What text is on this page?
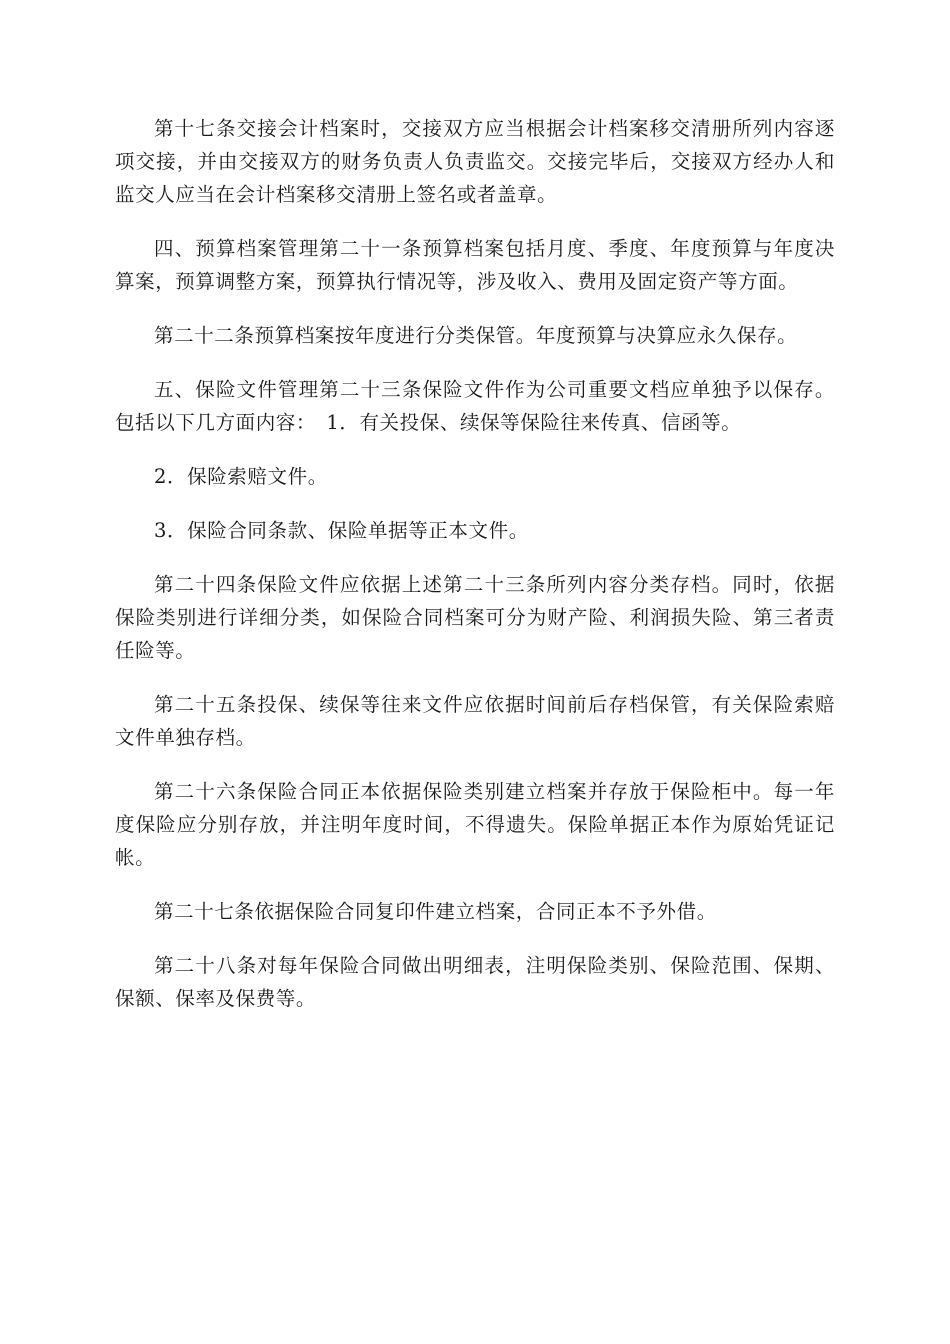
第十七条交接会计档案时，交接双方应当根据会计档案移交清册所列内容逐项交接，并由交接双方的财务负责人负责监交。交接完毕后，交接双方经办人和监交人应当在会计档案移交清册上签名或者盖章。

四、预算档案管理第二十一条预算档案包括月度、季度、年度预算与年度决算案，预算调整方案，预算执行情况等，涉及收入、费用及固定资产等方面。

第二十二条预算档案按年度进行分类保管。年度预算与决算应永久保存。

五、保险文件管理第二十三条保险文件作为公司重要文档应单独予以保存。包括以下几方面内容：　1．有关投保、续保等保险往来传真、信函等。

2．保险索赔文件。

3．保险合同条款、保险单据等正本文件。

第二十四条保险文件应依据上述第二十三条所列内容分类存档。同时，依据保险类别进行详细分类，如保险合同档案可分为财产险、利润损失险、第三者责任险等。

第二十五条投保、续保等往来文件应依据时间前后存档保管，有关保险索赔文件单独存档。

第二十六条保险合同正本依据保险类别建立档案并存放于保险柜中。每一年度保险应分别存放，并注明年度时间，不得遗失。保险单据正本作为原始凭证记帐。

第二十七条依据保险合同复印件建立档案，合同正本不予外借。

第二十八条对每年保险合同做出明细表，注明保险类别、保险范围、保期、保额、保率及保费等。
